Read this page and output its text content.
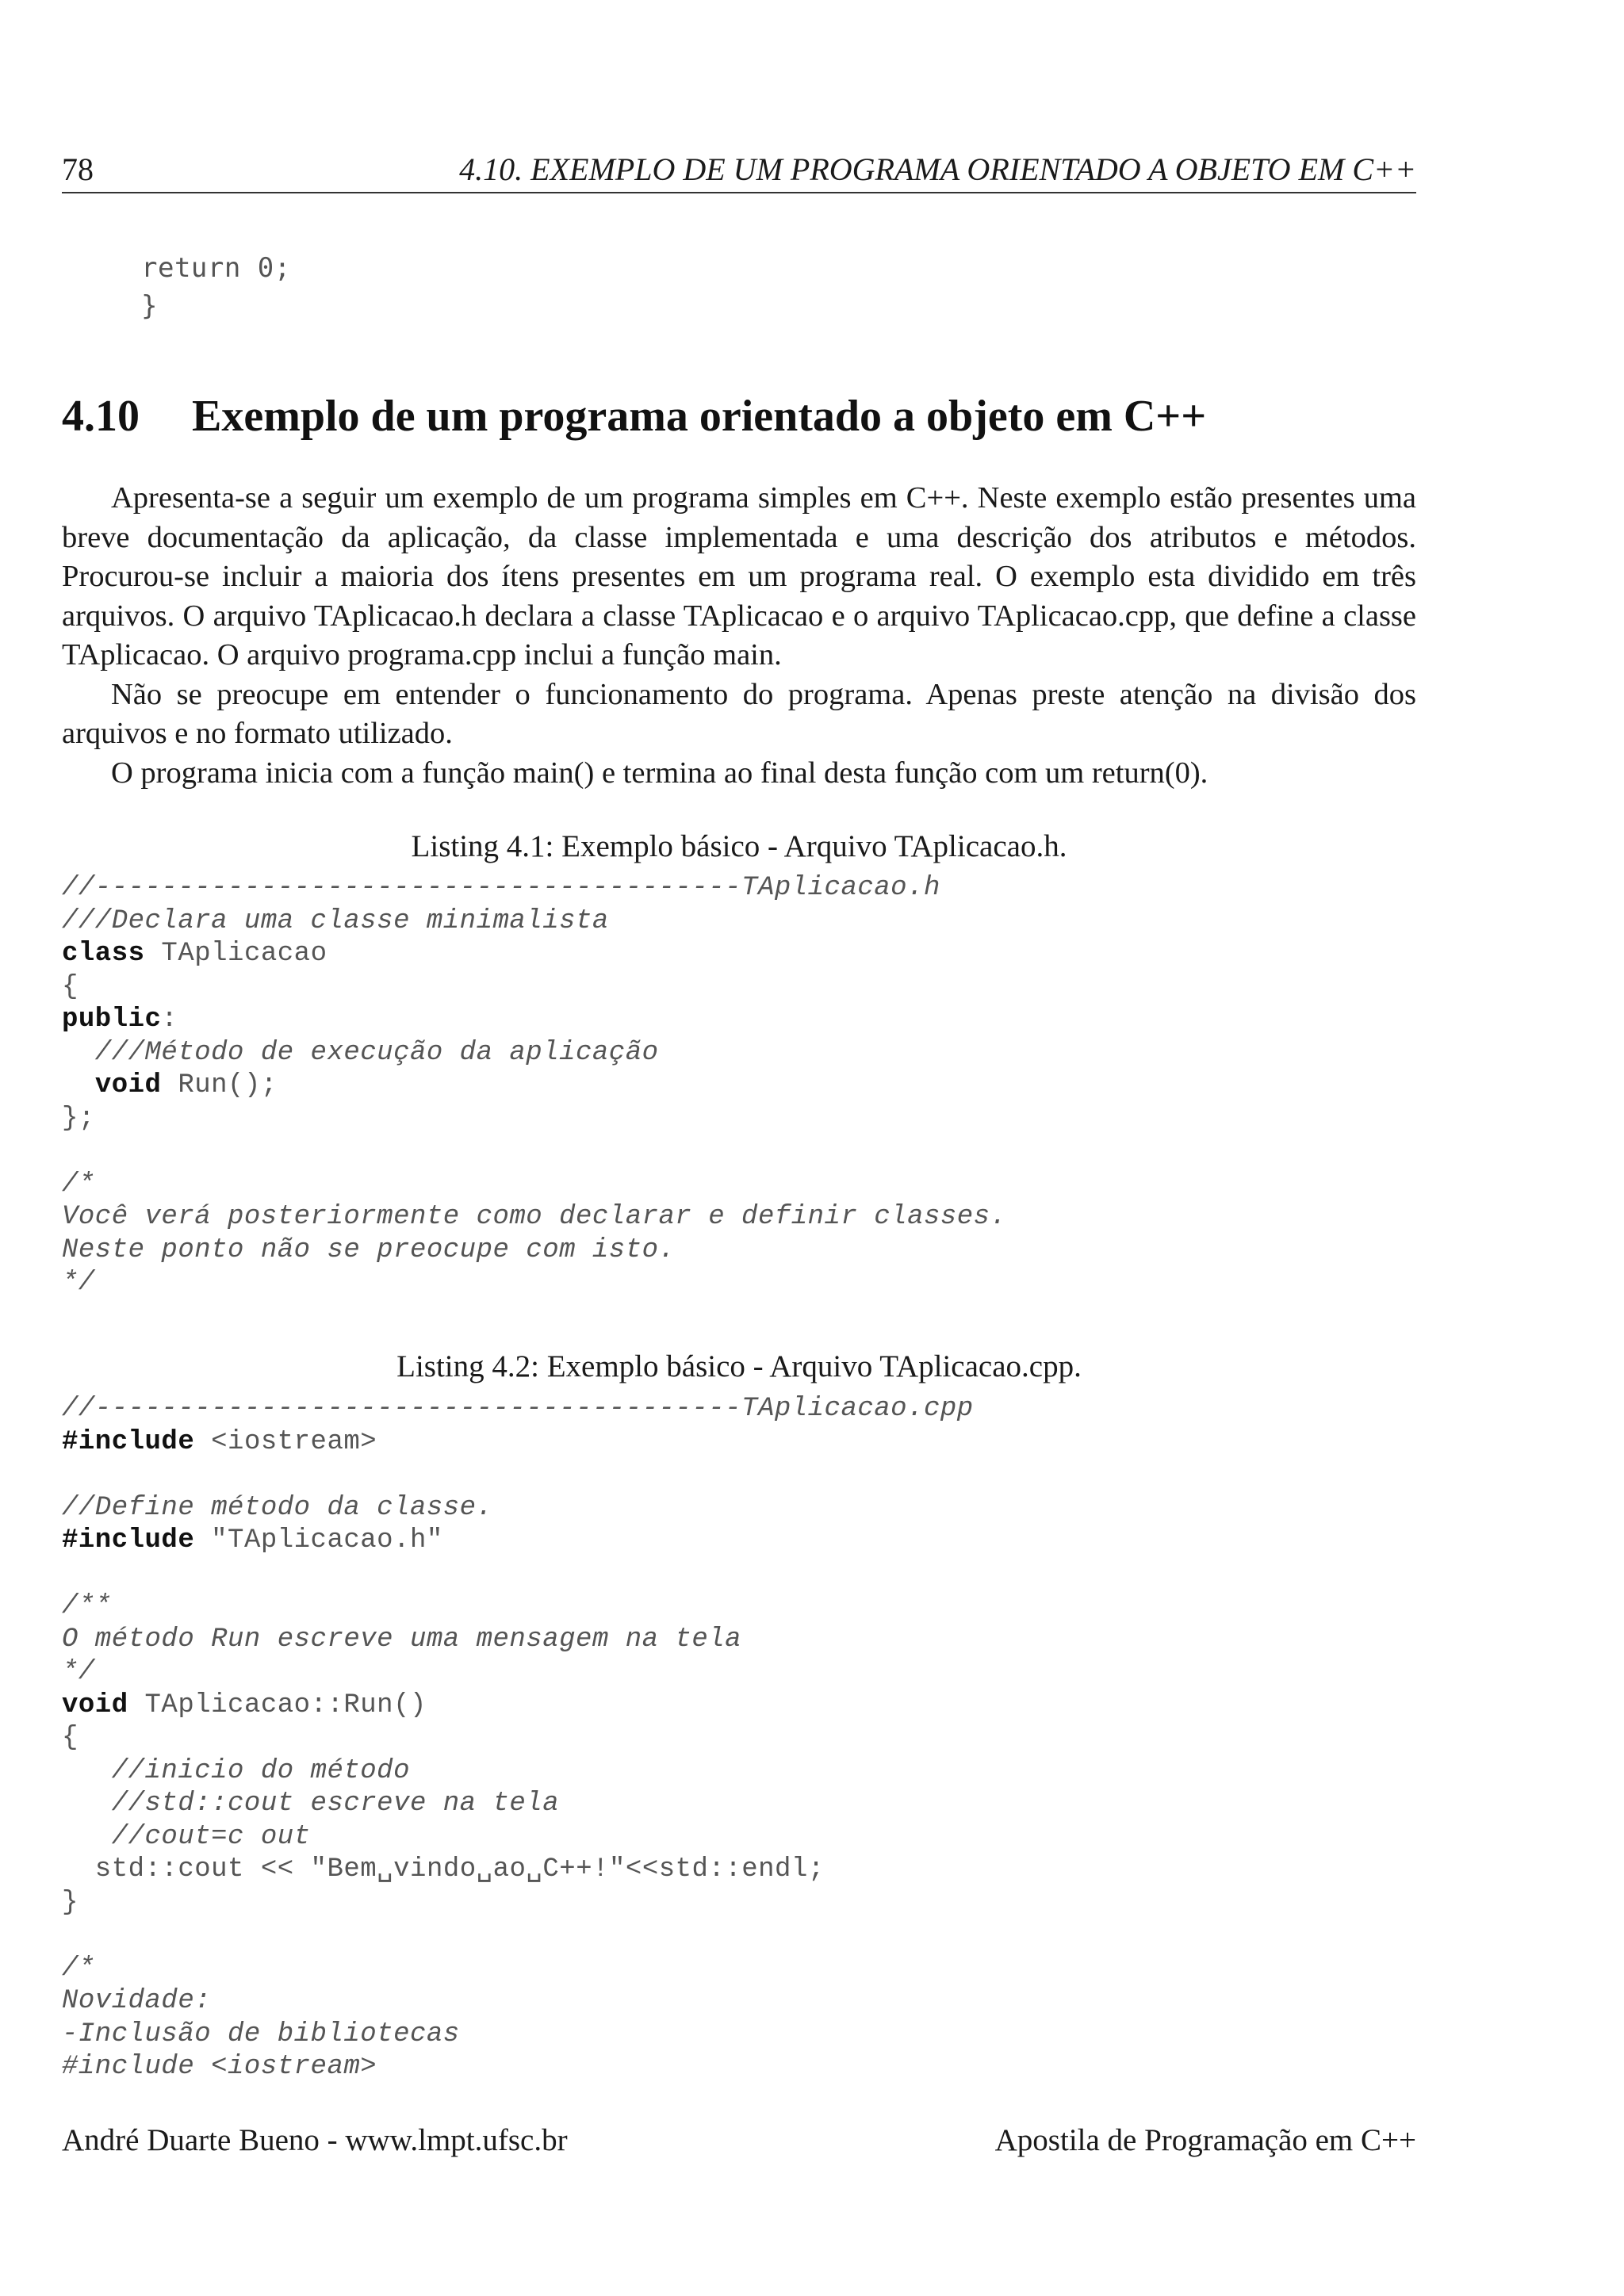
78	4.10. EXEMPLO DE UM PROGRAMA ORIENTADO A OBJETO EM C++

return 0;
}
4.10 Exemplo de um programa orientado a objeto em C++

Apresenta-se a seguir um exemplo de um programa simples em C++. Neste exemplo estão presentes uma breve documentação da aplicação, da classe implementada e uma descrição dos atributos e métodos. Procurou-se incluir a maioria dos ítens presentes em um programa real. O exemplo esta dividido em três arquivos. O arquivo TAplicacao.h declara a classe TAplicacao e o arquivo TAplicacao.cpp, que define a classe TAplicacao. O arquivo programa.cpp inclui a função main.

Não se preocupe em entender o funcionamento do programa. Apenas preste atenção na divisão dos arquivos e no formato utilizado.

O programa inicia com a função main() e termina ao final desta função com um return(0).

Listing 4.1: Exemplo básico - Arquivo TAplicacao.h.
//---------------------------------------TAplicacao.h
///Declara uma classe minimalista
class TAplicacao
{
public:
///Método de execução da aplicação
void Run();
};
/*
Você verá posteriormente como declarar e definir classes.
Neste ponto não se preocupe com isto.
*/
Listing 4.2: Exemplo básico - Arquivo TAplicacao.cpp.
//---------------------------------------TAplicacao.cpp
#include <iostream>
//Define método da classe.
#include "TAplicacao.h"
/**
O método Run escreve uma mensagem na tela
*/
void TAplicacao::Run()
{
//inicio do método
//std::cout escreve na tela
//cout=c out
std::cout << "Bem␣vindo␣ao␣C++!"<<std::endl;
}
/*
Novidade:
-Inclusão de bibliotecas
#include <iostream>
André Duarte Bueno - www.lmpt.ufsc.br	Apostila de Programação em C++
